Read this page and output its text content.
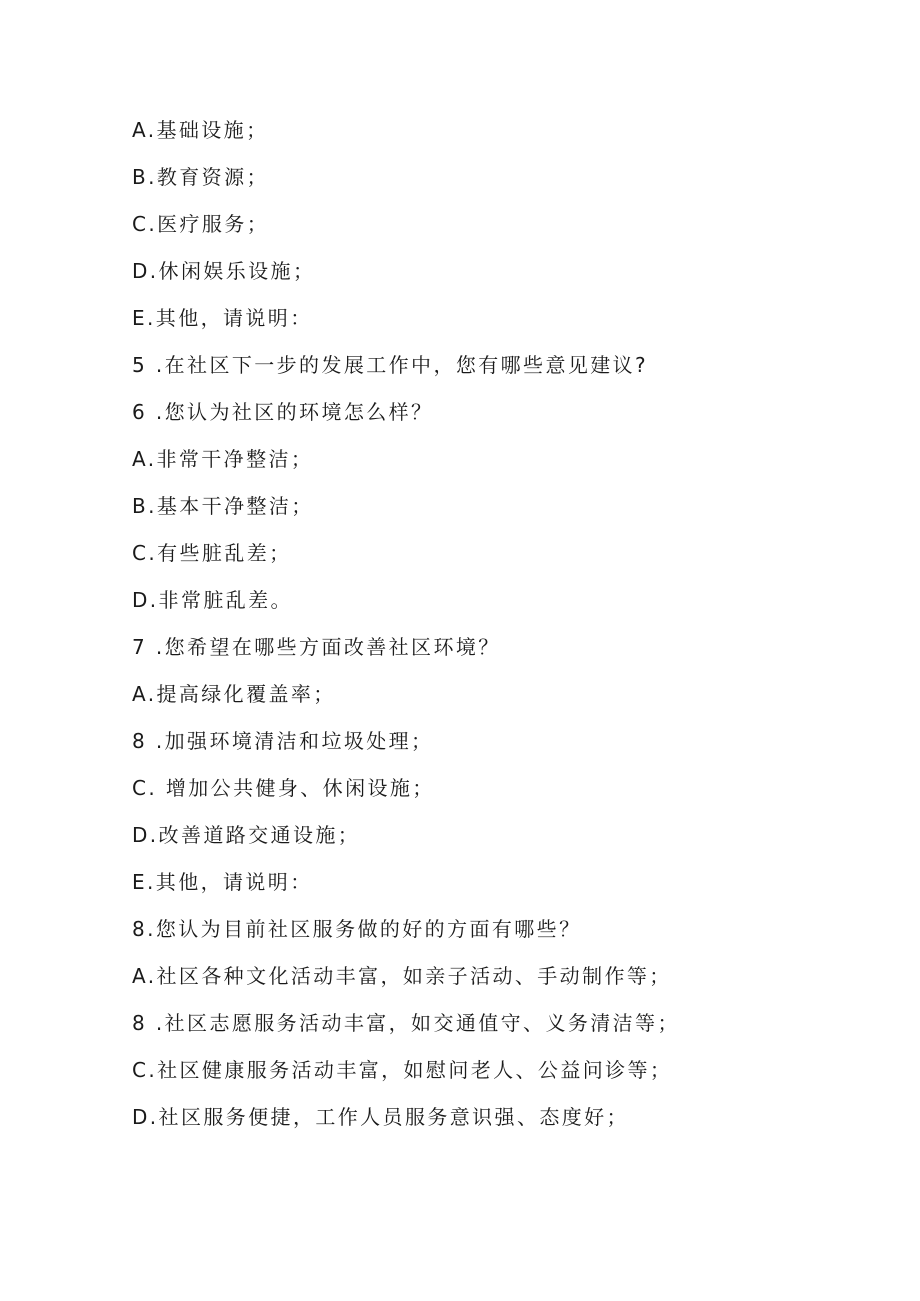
A.基础设施；
B.教育资源；
C.医疗服务；
D.休闲娱乐设施；
E.其他，请说明：
5 .在社区下一步的发展工作中，您有哪些意见建议?
6 .您认为社区的环境怎么样？
A.非常干净整洁；
B.基本干净整洁；
C.有些脏乱差；
D.非常脏乱差。
7 .您希望在哪些方面改善社区环境？
A.提高绿化覆盖率；
8 .加强环境清洁和垃圾处理；
C. 增加公共健身、休闲设施；
D.改善道路交通设施；
E.其他，请说明：
8.您认为目前社区服务做的好的方面有哪些？
A.社区各种文化活动丰富，如亲子活动、手动制作等；
8 .社区志愿服务活动丰富，如交通值守、义务清洁等；
C.社区健康服务活动丰富，如慰问老人、公益问诊等；
D.社区服务便捷，工作人员服务意识强、态度好；
